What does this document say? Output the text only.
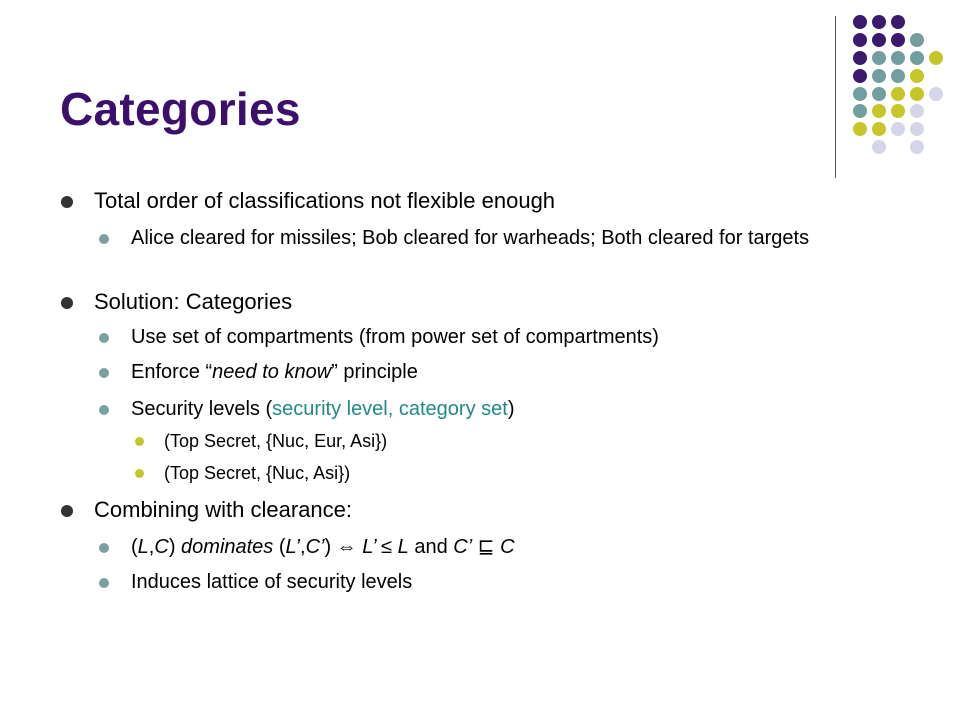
Categories
Total order of classifications not flexible enough
Alice cleared for missiles; Bob cleared for warheads; Both cleared for targets
Solution: Categories
Use set of compartments (from power set of compartments)
Enforce “need to know” principle
Security levels (security level, category set)
(Top Secret, {Nuc, Eur, Asi})
(Top Secret, {Nuc, Asi})
Combining with clearance:
(L,C) dominates (L’,C’) ⇔ L’ ≤ L and C’ ⊑ C
Induces lattice of security levels
